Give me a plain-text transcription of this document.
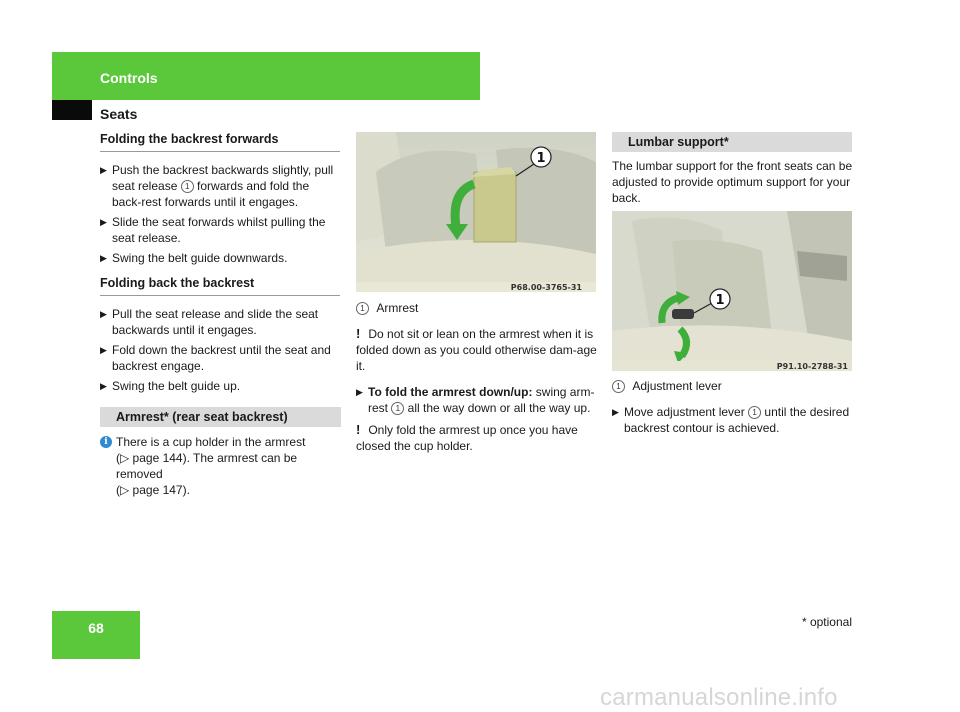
Controls
Seats
Folding the backrest forwards
▶ Push the backrest backwards slightly, pull seat release 1 forwards and fold the back-rest forwards until it engages.
▶ Slide the seat forwards whilst pulling the seat release.
▶ Swing the belt guide downwards.
Folding back the backrest
▶ Pull the seat release and slide the seat backwards until it engages.
▶ Fold down the backrest until the seat and backrest engage.
▶ Swing the belt guide up.
Armrest* (rear seat backrest)
i There is a cup holder in the armrest
(▷ page 144). The armrest can be removed
(▷ page 147).
1
P68.00-3765-31
1 Armrest
! Do not sit or lean on the armrest when it is folded down as you could otherwise dam-age it.
▶ To fold the armrest down/up: swing arm-rest 1 all the way down or all the way up.
! Only fold the armrest up once you have closed the cup holder.
Lumbar support*
The lumbar support for the front seats can be adjusted to provide optimum support for your back.
1
P91.10-2788-31
1 Adjustment lever
▶ Move adjustment lever 1 until the desired backrest contour is achieved.
68	* optional
carmanualsonline.info
